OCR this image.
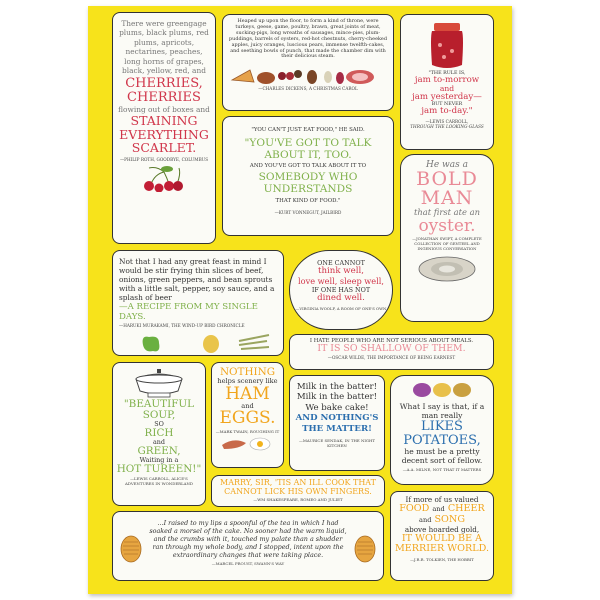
There were greengage plums, black plums, red plums, apricots, nectarines, peaches, long horns of grapes, black, yellow, red, and
CHERRIES, CHERRIES
flowing out of boxes and
STAINING EVERYTHING SCARLET.
—PHILIP ROTH, GOODBYE, COLUMBUS
Heaped up upon the floor, to form a kind of throne, were turkeys, geese, game, poultry, brawn, great joints of meat, sucking-pigs, long wreaths of sausages, mince-pies, plum-puddings, barrels of oysters, red-hot chestnuts, cherry-cheeked apples, juicy oranges, luscious pears, immense twelfth-cakes, and seething bowls of punch, that made the chamber dim with their delicious steam.
—CHARLES DICKENS, A CHRISTMAS CAROL
"THE RULE IS,
jam to-morrow
and
jam yesterday—
BUT NEVER
jam to-day."
—LEWIS CARROLL,
THROUGH THE LOOKING-GLASS
"YOU CAN'T JUST EAT FOOD," HE SAID.
"YOU'VE GOT TO TALK ABOUT IT, TOO.
AND YOU'VE GOT TO TALK ABOUT IT TO
SOMEBODY WHO UNDERSTANDS
THAT KIND OF FOOD."
—KURT VONNEGUT, JAILBIRD
He was a
BOLD MAN
that first ate an
oyster.
—JONATHAN SWIFT, A COMPLETE COLLECTION OF GENTEEL AND INGENIOUS CONVERSATION
Not that I had any great feast in mind I would be stir frying thin slices of beef, onions, green peppers, and bean sprouts with a little salt, pepper, soy sauce, and a splash of beer
—A RECIPE FROM MY SINGLE DAYS.
—HARUKI MURAKAMI, THE WIND-UP BIRD CHRONICLE
ONE CANNOT
think well,
love well, sleep well,
IF ONE HAS NOT
dined well.
—VIRGINIA WOOLF, A ROOM OF ONE'S OWN
I HATE PEOPLE WHO ARE NOT SERIOUS ABOUT MEALS.
IT IS SO SHALLOW OF THEM.
—OSCAR WILDE, THE IMPORTANCE OF BEING EARNEST
"BEAUTIFUL
SOUP,
SO
RICH
and
GREEN,
Waiting in a
HOT TUREEN!"
—LEWIS CARROLL, ALICE'S ADVENTURES IN WONDERLAND
NOTHING
helps scenery like
HAM
and
EGGS.
—MARK TWAIN, ROUGHING IT
Milk in the batter!
Milk in the batter!
We bake cake!
AND NOTHING'S
THE MATTER!
—MAURICE SENDAK, IN THE NIGHT KITCHEN
What I say is that, if a man really
LIKES
POTATOES,
he must be a pretty decent sort of fellow.
—A.A. MILNE, NOT THAT IT MATTERS
MARRY, SIR, 'TIS AN ILL COOK THAT CANNOT LICK HIS OWN FINGERS.
—WM SHAKESPEARE, ROMEO AND JULIET
...I raised to my lips a spoonful of the tea in which I had soaked a morsel of the cake. No sooner had the warm liquid, and the crumbs with it, touched my palate than a shudder ran through my whole body, and I stopped, intent upon the extraordinary changes that were taking place.
—MARCEL PROUST, SWANN'S WAY
If more of us valued
FOOD and CHEER
and SONG
above hoarded gold,
IT WOULD BE A MERRIER WORLD.
—J.R.R. TOLKIEN, THE HOBBIT
